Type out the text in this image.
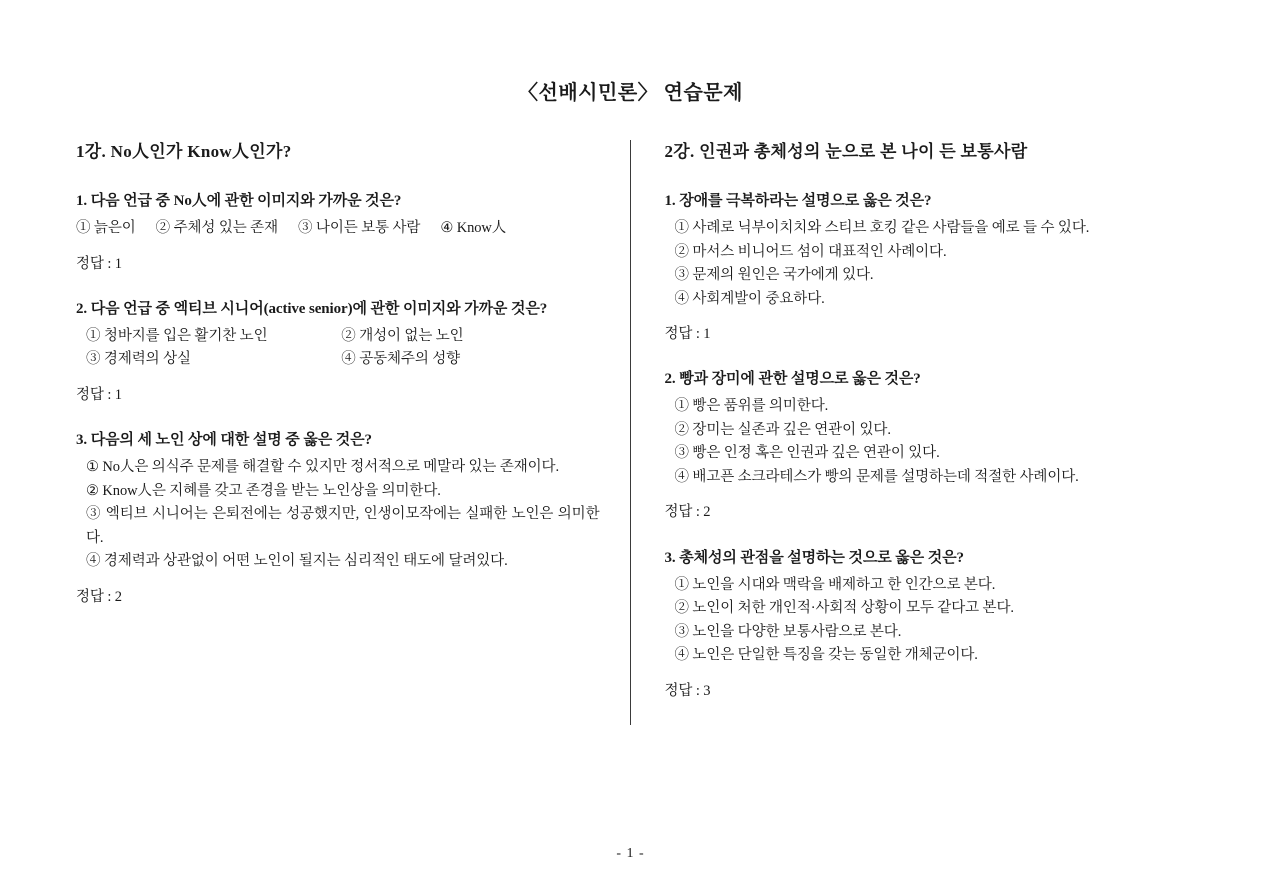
〈선배시민론〉 연습문제
1강. No人인가 Know人인가?
1. 다음 언급 중 No人에 관한 이미지와 가까운 것은?
① 늙은이 ② 주체성 있는 존재 ③ 나이든 보통 사람 ④ Know人
정답 : 1
2. 다음 언급 중 엑티브 시니어(active senior)에 관한 이미지와 가까운 것은?
① 청바지를 입은 활기찬 노인	② 개성이 없는 노인 ③ 경제력의 상실	④ 공동체주의 성향
정답 : 1
3. 다음의 세 노인 상에 대한 설명 중 옳은 것은?
① No人은 의식주 문제를 해결할 수 있지만 정서적으로 메말라 있는 존재이다.
② Know人은 지혜를 갖고 존경을 받는 노인상을 의미한다.
③ 엑티브 시니어는 은퇴전에는 성공했지만, 인생이모작에는 실패한 노인은 의미한다.
④ 경제력과 상관없이 어떤 노인이 될지는 심리적인 태도에 달려있다.
정답 : 2
2강. 인권과 총체성의 눈으로 본 나이 든 보통사람
1. 장애를 극복하라는 설명으로 옳은 것은?
① 사례로 닉부이치치와 스티브 호킹 같은 사람들을 예로 들 수 있다.
② 마서스 비니어드 섬이 대표적인 사례이다.
③ 문제의 원인은 국가에게 있다.
④ 사회계발이 중요하다.
정답 : 1
2. 빵과 장미에 관한 설명으로 옳은 것은?
① 빵은 품위를 의미한다.
② 장미는 실존과 깊은 연관이 있다.
③ 빵은 인정 혹은 인권과 깊은 연관이 있다.
④ 배고픈 소크라테스가 빵의 문제를 설명하는데 적절한 사례이다.
정답 : 2
3. 총체성의 관점을 설명하는 것으로 옳은 것은?
① 노인을 시대와 맥락을 배제하고 한 인간으로 본다.
② 노인이 처한 개인적·사회적 상황이 모두 같다고 본다.
③ 노인을 다양한 보통사람으로 본다.
④ 노인은 단일한 특징을 갖는 동일한 개체군이다.
정답 : 3
- 1 -
